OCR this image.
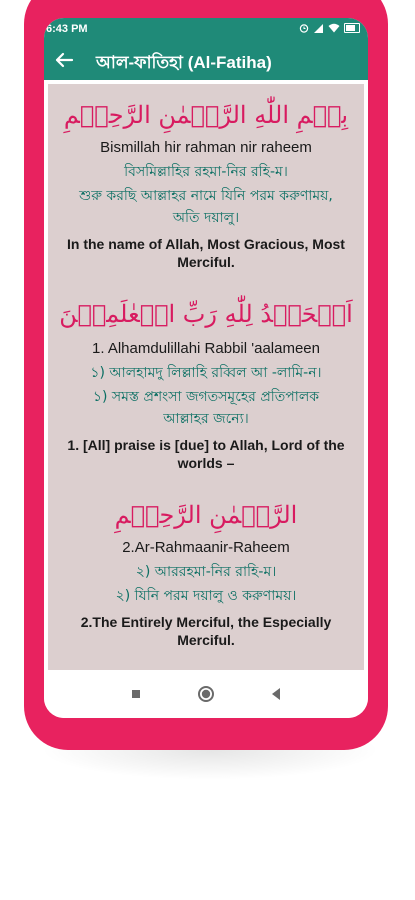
6:43 PM
আল-ফাতিহা (Al-Fatiha)

بِسۡمِ اللّٰهِ الرَّحۡمٰنِ الرَّحِیۡمِ

Bismillah hir rahman nir raheem

বিসমিল্লাহির রহমা-নির রহি-ম।

শুরু করছি আল্লাহর নামে যিনি পরম করুণাময়, অতি দয়ালু।

In the name of Allah, Most Gracious, Most Merciful.

اَلۡحَمۡدُ لِلّٰهِ رَبِّ الۡعٰلَمِیۡنَ

1. Alhamdulillahi Rabbil 'aalameen

১) আলহামদু লিল্লাহি রব্বিল আ -লামি-ন।

১) সমস্ত প্রশংসা জগতসমূহের প্রতিপালক আল্লাহর জন্যে।

1. [All] praise is [due] to Allah, Lord of the worlds –

الرَّحۡمٰنِ الرَّحِیۡمِ

2.Ar-Rahmaanir-Raheem

২) আররহমা-নির রাহি-ম।

২) যিনি পরম দয়ালু ও করুণাময়।

2.The Entirely Merciful, the Especially Merciful.
